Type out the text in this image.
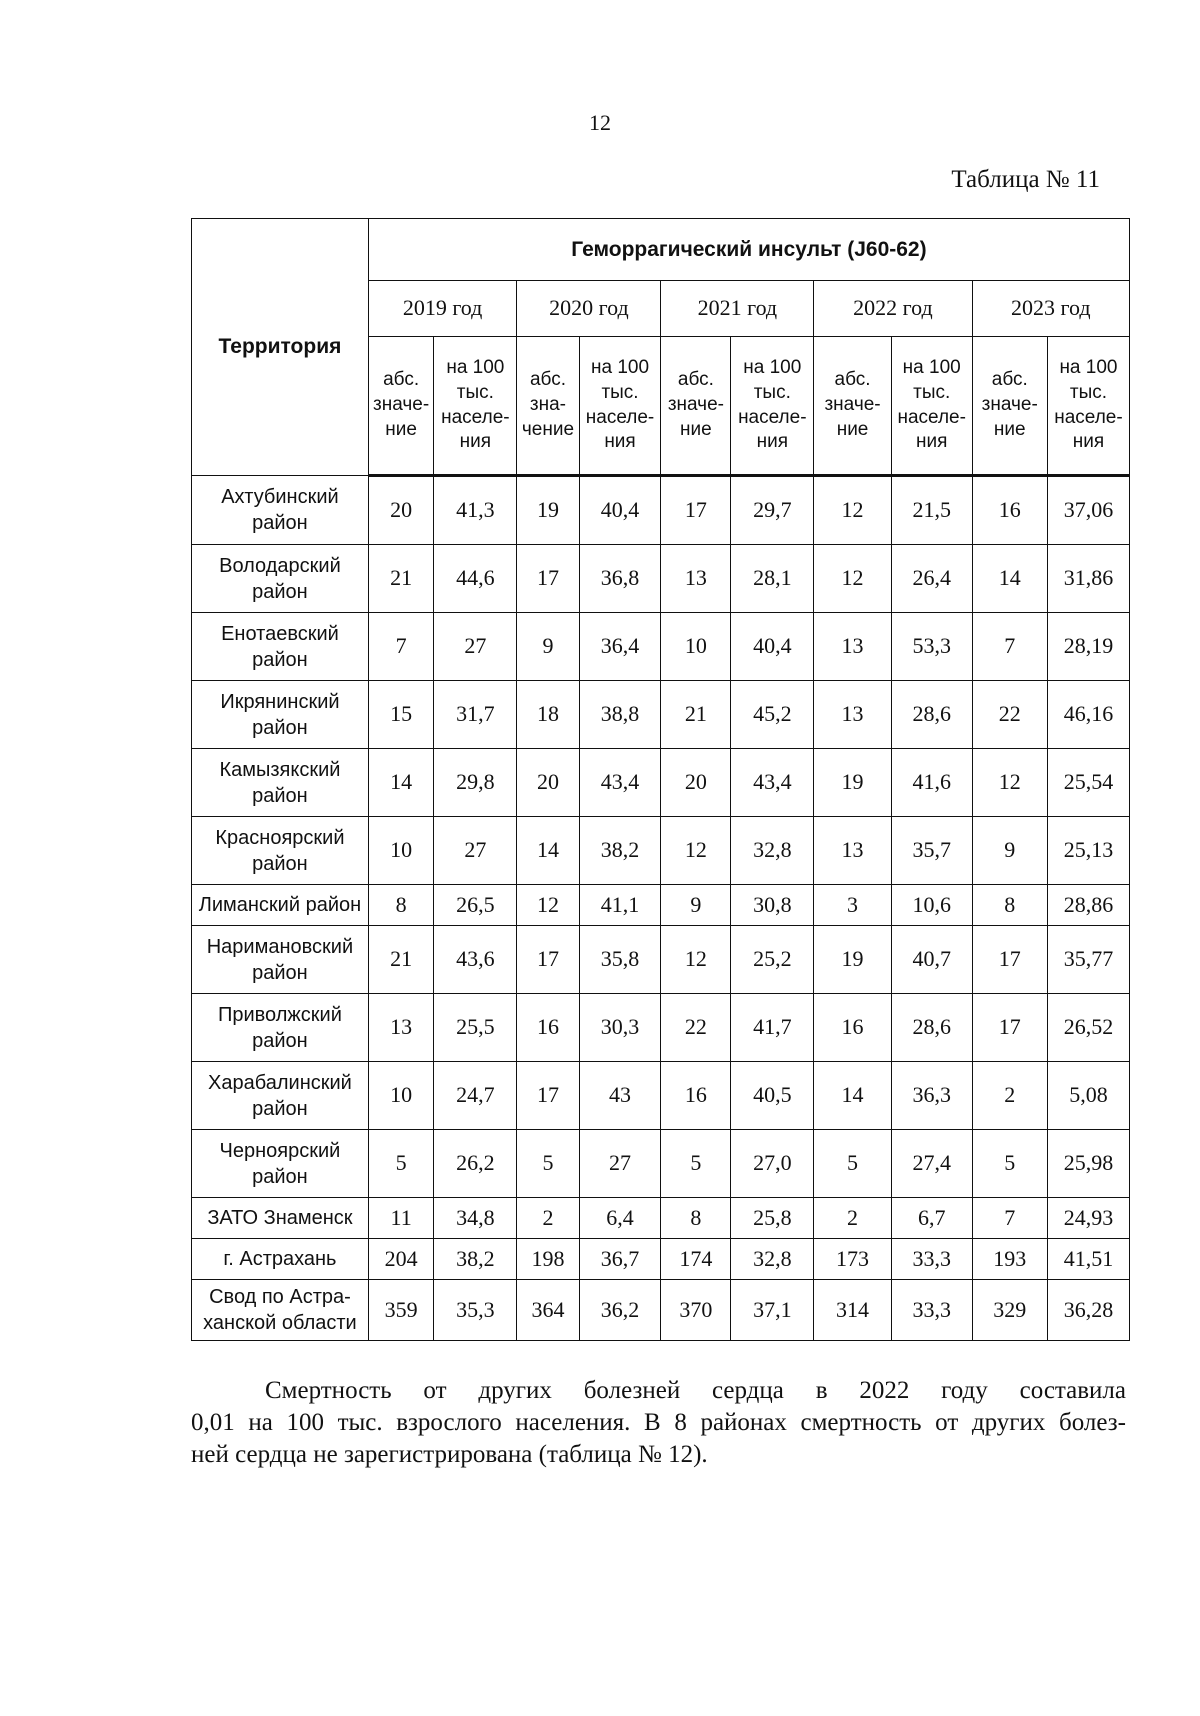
12
Таблица № 11
Территория	Геморрагический инсульт (J60-62)									
	2019 год		2020 год		2021 год		2022 год		2023 год	
	абс.
значе-
ние	на 100
тыс.
населе-
ния	абс.
зна-
чение	на 100
тыс.
населе-
ния	абс.
значе-
ние	на 100
тыс.
населе-
ния	абс.
значе-
ние	на 100
тыс.
населе-
ния	абс.
значе-
ние	на 100
тыс.
населе-
ния
Ахтубинский
район	20	41,3	19	40,4	17	29,7	12	21,5	16	37,06
Володарский
район	21	44,6	17	36,8	13	28,1	12	26,4	14	31,86
Енотаевский
район	7	27	9	36,4	10	40,4	13	53,3	7	28,19
Икрянинский
район	15	31,7	18	38,8	21	45,2	13	28,6	22	46,16
Камызякский
район	14	29,8	20	43,4	20	43,4	19	41,6	12	25,54
Красноярский
район	10	27	14	38,2	12	32,8	13	35,7	9	25,13
Лиманский район	8	26,5	12	41,1	9	30,8	3	10,6	8	28,86
Наримановский
район	21	43,6	17	35,8	12	25,2	19	40,7	17	35,77
Приволжский
район	13	25,5	16	30,3	22	41,7	16	28,6	17	26,52
Харабалинский
район	10	24,7	17	43	16	40,5	14	36,3	2	5,08
Черноярский
район	5	26,2	5	27	5	27,0	5	27,4	5	25,98
ЗАТО Знаменск	11	34,8	2	6,4	8	25,8	2	6,7	7	24,93
г. Астрахань	204	38,2	198	36,7	174	32,8	173	33,3	193	41,51
Свод по Астра-
ханской области	359	35,3	364	36,2	370	37,1	314	33,3	329	36,28
Смертность от других болезней сердца в 2022 году составила
0,01 на 100 тыс. взрослого населения. В 8 районах смертность от других болез-
ней сердца не зарегистрирована (таблица № 12).
